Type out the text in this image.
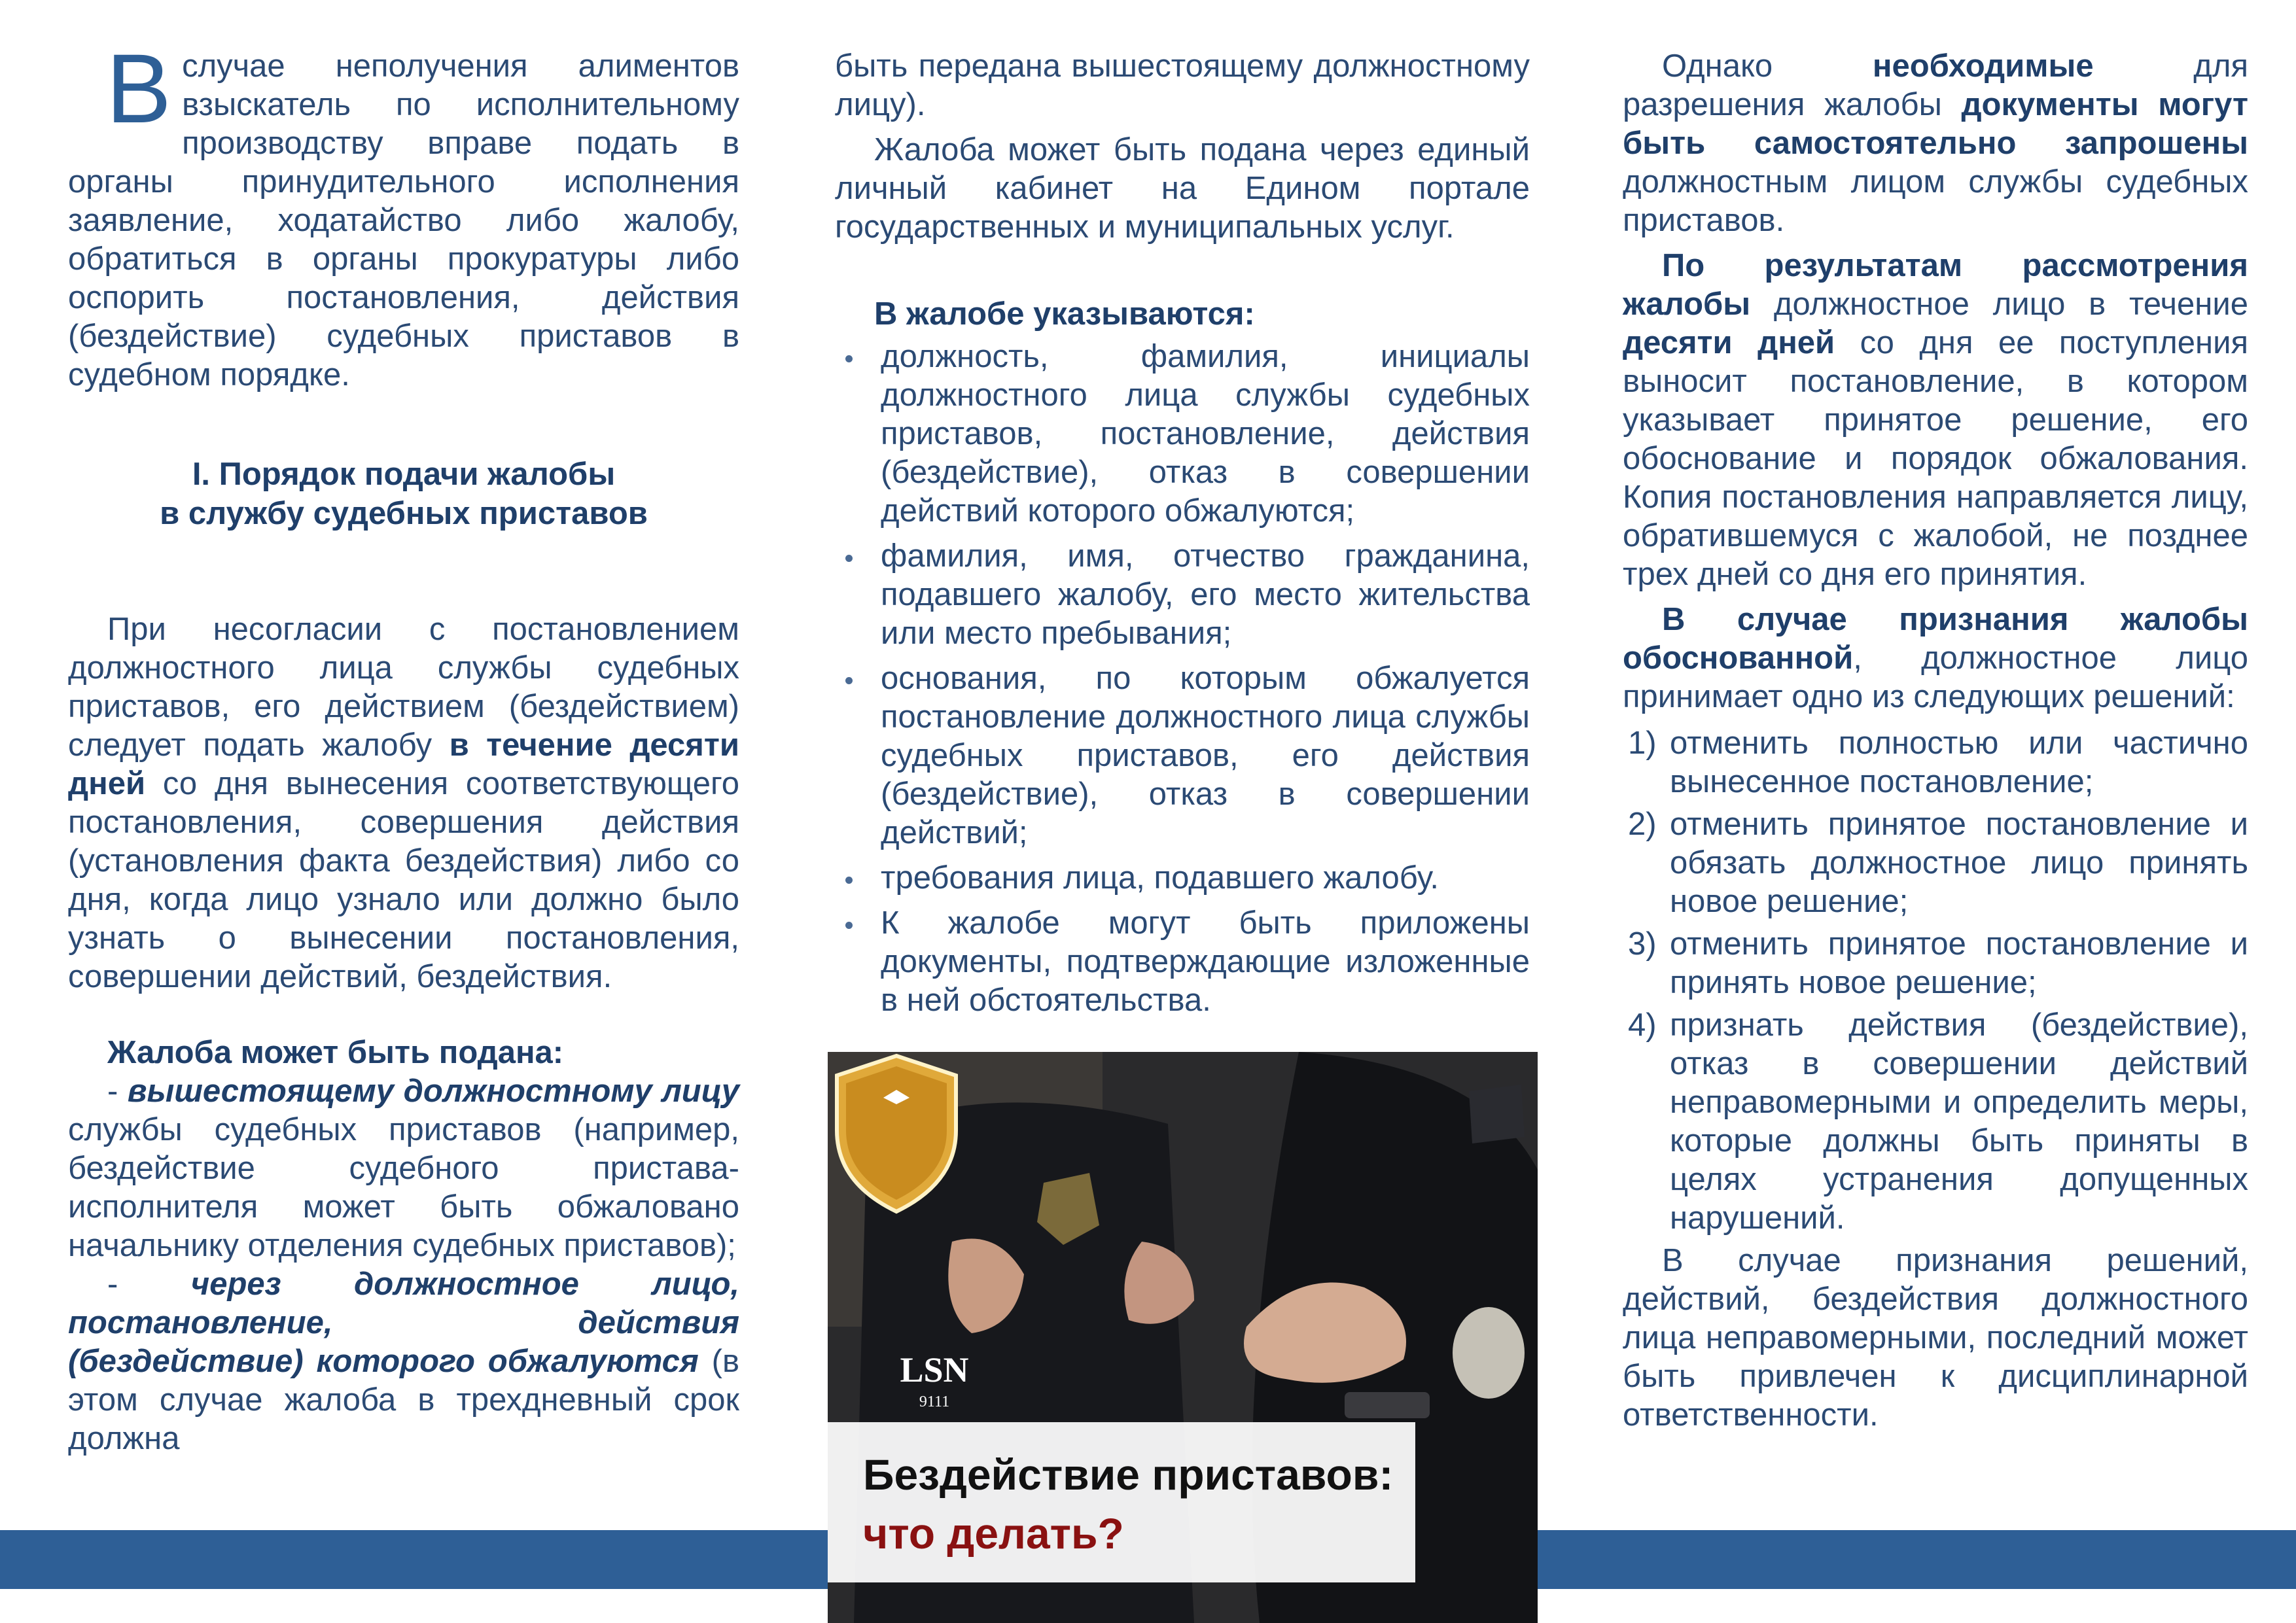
Вслучае неполучения алиментов взыскатель по исполнительному производству вправе подать в органы принудительного исполнения заявление, ходатайство либо жалобу, обратиться в органы прокуратуры либо оспорить постановления, действия (бездействие) судебных приставов в судебном порядке.

I. Порядок подачи жалобы
в службу судебных приставов

При несогласии с постановлением должностного лица службы судебных приставов, его действием (бездействием) следует подать жалобу в течение десяти дней со дня вынесения соответствующего постановления, совершения действия (установления факта бездействия) либо со дня, когда лицо узнало или должно было узнать о вынесении постановления, совершении действий, бездействия.

Жалоба может быть подана:

- вышестоящему должностному лицу службы судебных приставов (например, бездействие судебного пристава-исполнителя может быть обжаловано начальнику отделения судебных приставов);

- через должностное лицо, постановление, действия (бездействие) которого обжалуются (в этом случае жалоба в трехдневный срок должна

быть передана вышестоящему должностному лицу).

Жалоба может быть подана через единый личный кабинет на Едином портале государственных и муниципальных услуг.

В жалобе указываются:

должность, фамилия, инициалы должностного лица службы судебных приставов, постановление, действия (бездействие), отказ в совершении действий которого обжалуются;
фамилия, имя, отчество гражданина, подавшего жалобу, его место жительства или место пребывания;
основания, по которым обжалуется постановление должностного лица службы судебных приставов, его действия (бездействие), отказ в совершении действий;
требования лица, подавшего жалобу.
К жалобе могут быть приложены документы, подтверждающие изложенные в ней обстоятельства.

Однако необходимые для разрешения жалобы документы могут быть самостоятельно запрошены должностным лицом службы судебных приставов.

По результатам рассмотрения жалобы должностное лицо в течение десяти дней со дня ее поступления выносит постановление, в котором указывает принятое решение, его обоснование и порядок обжалования. Копия постановления направляется лицу, обратившемуся с жалобой, не позднее трех дней со дня его принятия.

В случае признания жалобы обоснованной, должностное лицо принимает одно из следующих решений:

1) отменить полностью или частично вынесенное постановление;
2) отменить принятое постановление и обязать должностное лицо принять новое решение;
3) отменить принятое постановление и принять новое решение;
4) признать действия (бездействие), отказ в совершении действий неправомерными и определить меры, которые должны быть приняты в целях устранения допущенных нарушений.

В случае признания решений, действий, бездействия должностного лица неправомерными, последний может быть привлечен к дисциплинарной ответственности.

LSN
9111
Бездействие приставов:
что делать?
